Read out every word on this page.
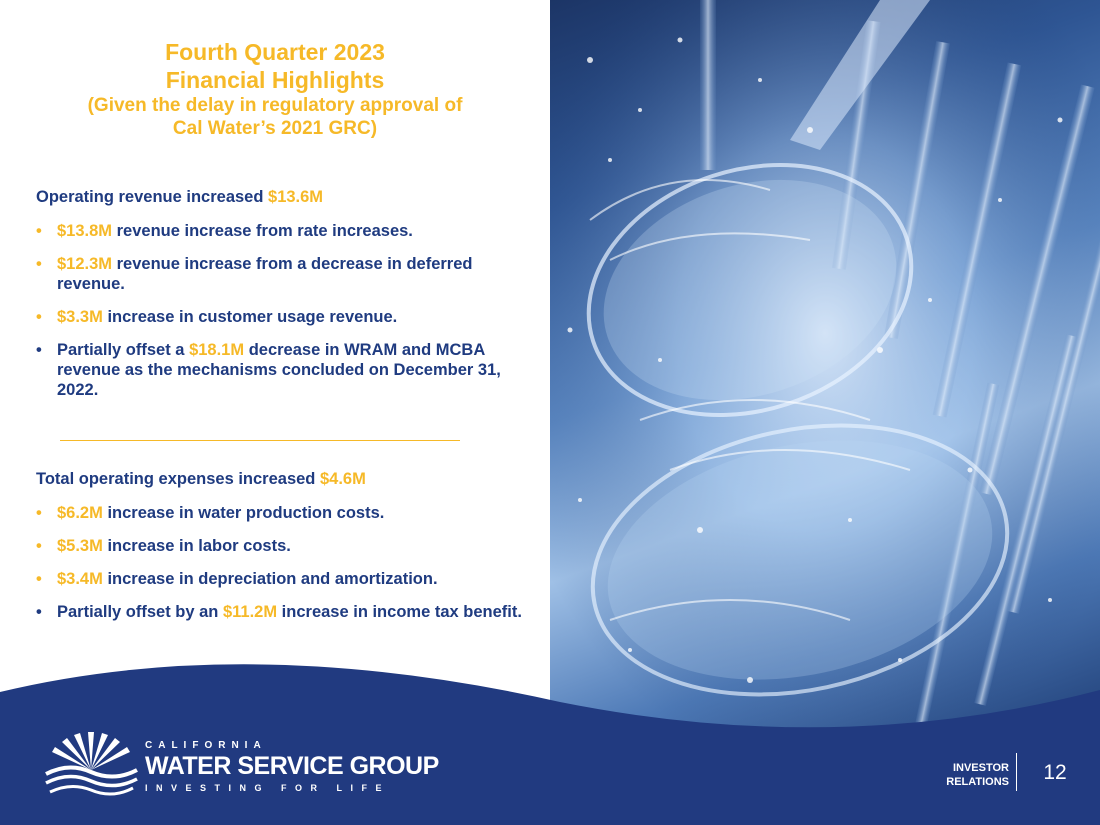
Fourth Quarter 2023
Financial Highlights
(Given the delay in regulatory approval of
Cal Water’s 2021 GRC)
Operating revenue increased $13.6M
• $13.8M revenue increase from rate increases.
• $12.3M revenue increase from a decrease in deferred revenue.
• $3.3M increase in customer usage revenue.
• Partially offset a $18.1M decrease in WRAM and MCBA revenue as the mechanisms concluded on December 31, 2022.
Total operating expenses increased $4.6M
• $6.2M increase in water production costs.
• $5.3M increase in labor costs.
• $3.4M increase in depreciation and amortization.
• Partially offset by an $11.2M increase in income tax benefit.
CALIFORNIA
WATER SERVICE GROUP
INVESTING FOR LIFE
INVESTOR
RELATIONS	12
